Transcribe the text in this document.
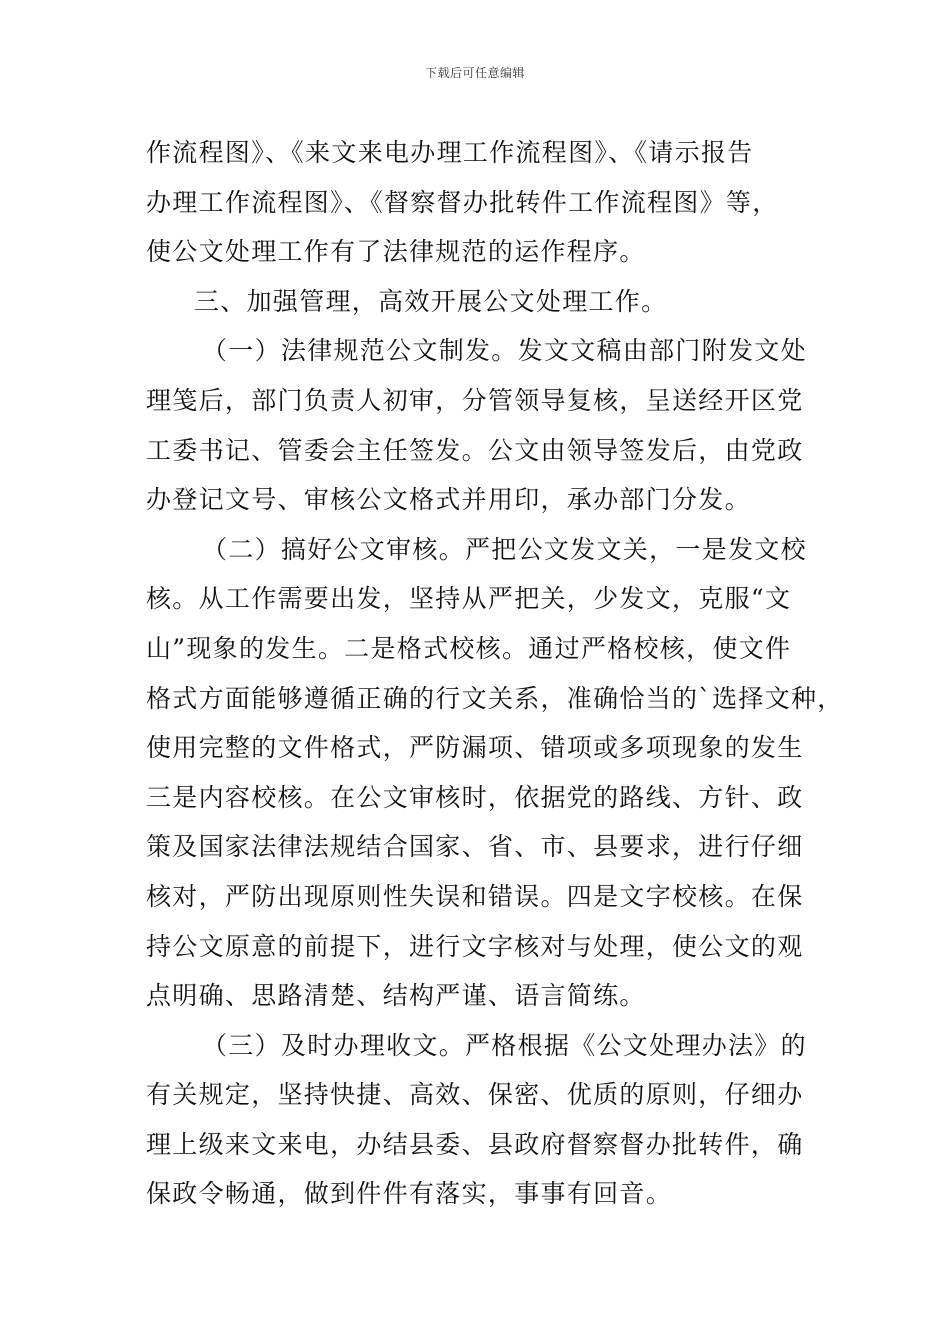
下载后可任意编辑
作流程图》、《来文来电办理工作流程图》、《请示报告
办理工作流程图》、《督察督办批转件工作流程图》等，
使公文处理工作有了法律规范的运作程序。
三、加强管理，高效开展公文处理工作。
（一）法律规范公文制发。发文文稿由部门附发文处
理笺后，部门负责人初审，分管领导复核，呈送经开区党
工委书记、管委会主任签发。公文由领导签发后，由党政
办登记文号、审核公文格式并用印，承办部门分发。
（二）搞好公文审核。严把公文发文关，一是发文校
核。从工作需要出发，坚持从严把关，少发文，克服“文
山”现象的发生。二是格式校核。通过严格校核，使文件
格式方面能够遵循正确的行文关系，准确恰当的`选择文种，
使用完整的文件格式，严防漏项、错项或多项现象的发生
三是内容校核。在公文审核时，依据党的路线、方针、政
策及国家法律法规结合国家、省、市、县要求，进行仔细
核对，严防出现原则性失误和错误。四是文字校核。在保
持公文原意的前提下，进行文字核对与处理，使公文的观
点明确、思路清楚、结构严谨、语言简练。
（三）及时办理收文。严格根据《公文处理办法》的
有关规定，坚持快捷、高效、保密、优质的原则，仔细办
理上级来文来电，办结县委、县政府督察督办批转件，确
保政令畅通，做到件件有落实，事事有回音。
